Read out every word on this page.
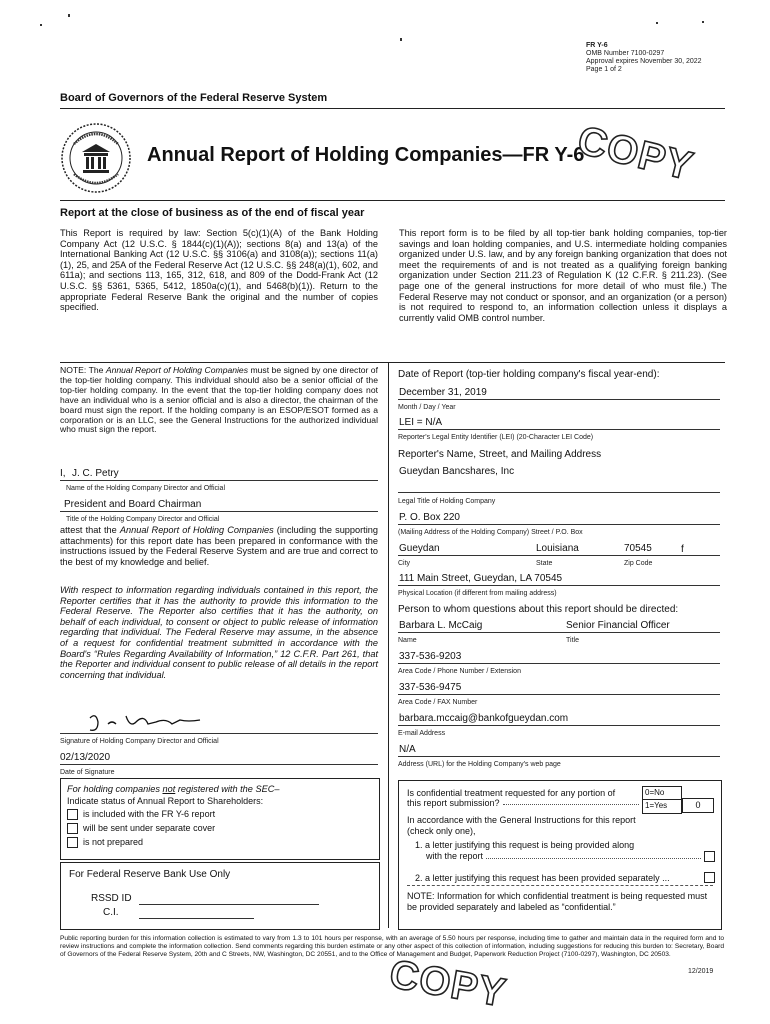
FR Y-6
OMB Number 7100-0297
Approval expires November 30, 2022
Page 1 of 2
Board of Governors of the Federal Reserve System
Annual Report of Holding Companies—FR Y-6
COPY
Report at the close of business as of the end of fiscal year
This Report is required by law: Section 5(c)(1)(A) of the Bank Holding Company Act (12 U.S.C. § 1844(c)(1)(A)); sections 8(a) and 13(a) of the International Banking Act (12 U.S.C. §§ 3106(a) and 3108(a)); sections 11(a)(1), 25, and 25A of the Federal Reserve Act (12 U.S.C. §§ 248(a)(1), 602, and 611a); and sections 113, 165, 312, 618, and 809 of the Dodd-Frank Act (12 U.S.C. §§ 5361, 5365, 5412, 1850a(c)(1), and 5468(b)(1)). Return to the appropriate Federal Reserve Bank the original and the number of copies specified.
This report form is to be filed by all top-tier bank holding companies, top-tier savings and loan holding companies, and U.S. intermediate holding companies organized under U.S. law, and by any foreign banking organization that does not meet the requirements of and is not treated as a qualifying foreign banking organization under Section 211.23 of Regulation K (12 C.F.R. § 211.23). (See page one of the general instructions for more detail of who must file.) The Federal Reserve may not conduct or sponsor, and an organization (or a person) is not required to respond to, an information collection unless it displays a currently valid OMB control number.
NOTE: The Annual Report of Holding Companies must be signed by one director of the top-tier holding company. This individual should also be a senior official of the top-tier holding company. In the event that the top-tier holding company does not have an individual who is a senior official and is also a director, the chairman of the board must sign the report. If the holding company is an ESOP/ESOT formed as a corporation or is an LLC, see the General Instructions for the authorized individual who must sign the report.
I, J. C. Petry
Name of the Holding Company Director and Official
President and Board Chairman
Title of the Holding Company Director and Official
attest that the Annual Report of Holding Companies (including the supporting attachments) for this report date has been prepared in conformance with the instructions issued by the Federal Reserve System and are true and correct to the best of my knowledge and belief.
With respect to information regarding individuals contained in this report, the Reporter certifies that it has the authority to provide this information to the Federal Reserve. The Reporter also certifies that it has the authority, on behalf of each individual, to consent or object to public release of information regarding that individual. The Federal Reserve may assume, in the absence of a request for confidential treatment submitted in accordance with the Board's “Rules Regarding Availability of Information,” 12 C.F.R. Part 261, that the Reporter and individual consent to public release of all details in the report concerning that individual.
Signature of Holding Company Director and Official
02/13/2020
Date of Signature
For holding companies not registered with the SEC–
Indicate status of Annual Report to Shareholders:
is included with the FR Y-6 report
will be sent under separate cover
is not prepared
For Federal Reserve Bank Use Only
RSSD ID
C.I.
Date of Report (top-tier holding company's fiscal year-end):
December 31, 2019
Month / Day / Year
LEI = N/A
Reporter's Legal Entity Identifier (LEI) (20-Character LEI Code)
Reporter's Name, Street, and Mailing Address
Gueydan Bancshares, Inc
Legal Title of Holding Company
P. O. Box 220
(Mailing Address of the Holding Company) Street / P.O. Box
Gueydan	Louisiana	70545	f
City	State	Zip Code
111 Main Street, Gueydan, LA 70545
Physical Location (if different from mailing address)
Person to whom questions about this report should be directed:
Barbara L. McCaig	Senior Financial Officer
Name	Title
337-536-9203
Area Code / Phone Number / Extension
337-536-9475
Area Code / FAX Number
barbara.mccaig@bankofgueydan.com
E-mail Address
N/A
Address (URL) for the Holding Company's web page
Is confidential treatment requested for any portion of
this report submission?
0=No
1=Yes	0
In accordance with the General Instructions for this report
(check only one),
1. a letter justifying this request is being provided along
with the report
2. a letter justifying this request has been provided separately ...
NOTE: Information for which confidential treatment is being requested must be provided separately and labeled as “confidential.”
Public reporting burden for this information collection is estimated to vary from 1.3 to 101 hours per response, with an average of 5.50 hours per response, including time to gather and maintain data in the required form and to review instructions and complete the information collection. Send comments regarding this burden estimate or any other aspect of this collection of information, including suggestions for reducing this burden to: Secretary, Board of Governors of the Federal Reserve System, 20th and C Streets, NW, Washington, DC 20551, and to the Office of Management and Budget, Paperwork Reduction Project (7100-0297), Washington, DC 20503.
12/2019
COPY
